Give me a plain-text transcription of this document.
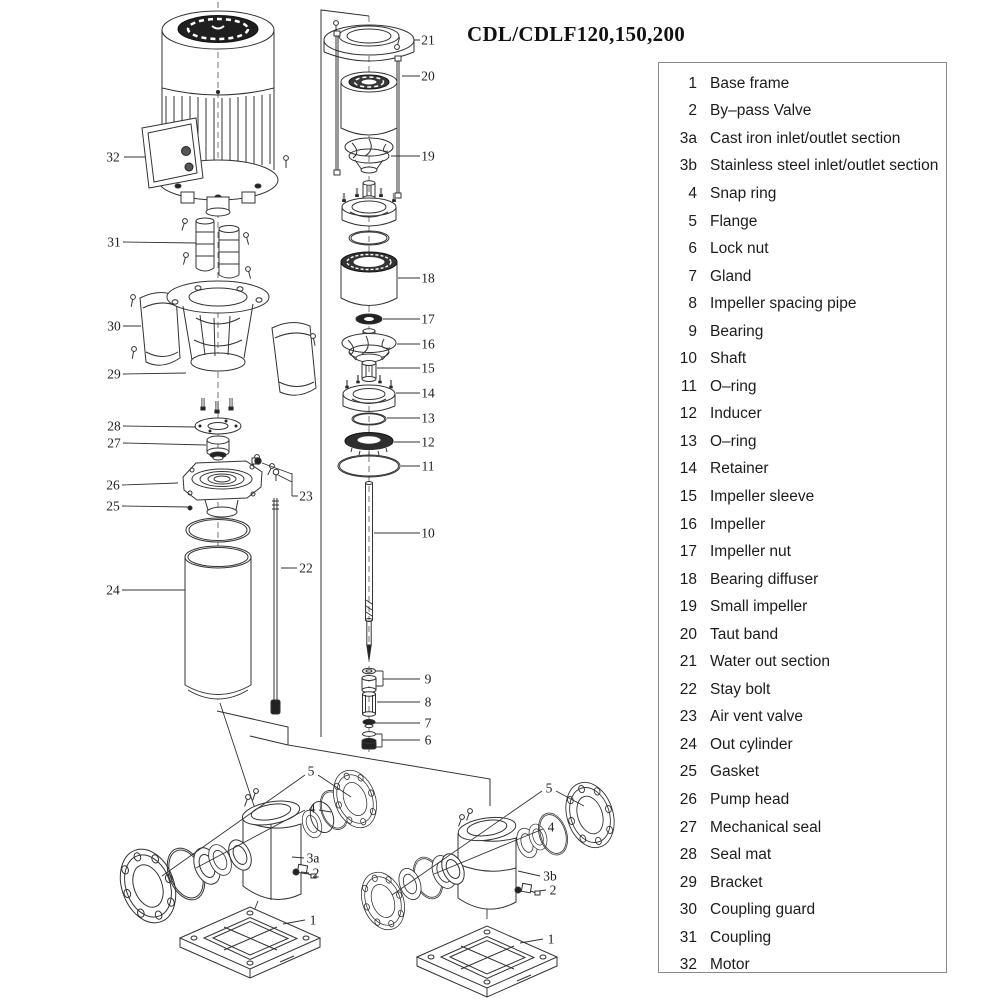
CDL/CDLF120,150,200
32
31
30
29
28
27
26
25
24
23
22
21
20
19
18
17
16
15
14
13
12
11
10
9
8
7
6
5
4
3a
2
1
5
4
3b
2
1
1 Base frame
2 By–pass Valve
3a Cast iron inlet/outlet section
3b Stainless steel inlet/outlet section
4 Snap ring
5 Flange
6 Lock nut
7 Gland
8 Impeller spacing pipe
9 Bearing
10 Shaft
11 O–ring
12 Inducer
13 O–ring
14 Retainer
15 Impeller sleeve
16 Impeller
17 Impeller nut
18 Bearing diffuser
19 Small impeller
20 Taut band
21 Water out section
22 Stay bolt
23 Air vent valve
24 Out cylinder
25 Gasket
26 Pump head
27 Mechanical seal
28 Seal mat
29 Bracket
30 Coupling guard
31 Coupling
32 Motor
